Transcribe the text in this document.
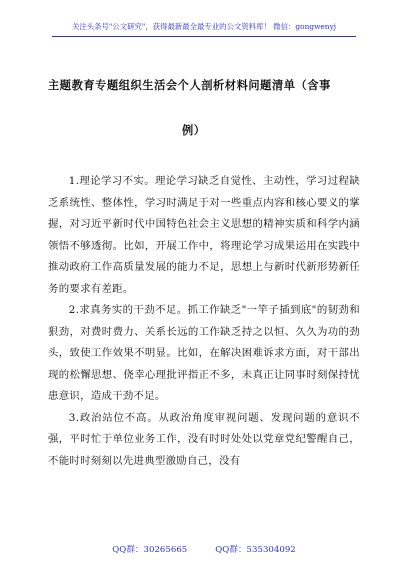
关注头条号"公文研究"，获得最新最全最专业的公文资料库！ 微信：gongwenyj
主题教育专题组织生活会个人剖析材料问题清单（含事
例）

1.理论学习不实。理论学习缺乏自觉性、主动性，学习过程缺乏系统性、整体性，学习时满足于对一些重点内容和核心要义的掌握，对习近平新时代中国特色社会主义思想的精神实质和科学内涵领悟不够透彻。比如，开展工作中，将理论学习成果运用在实践中推动政府工作高质量发展的能力不足，思想上与新时代新形势新任务的要求有差距。

2.求真务实的干劲不足。抓工作缺乏"一竿子插到底"的韧劲和狠劲，对费时费力、关系长远的工作缺乏持之以恒、久久为功的劲头，致使工作效果不明显。比如，在解决困难诉求方面，对干部出现的松懈思想、侥幸心理批评指正不多，未真正让同事时刻保持忧患意识，造成干劲不足。

3.政治站位不高。从政治角度审视问题、发现问题的意识不强，平时忙于单位业务工作，没有时时处处以党章党纪警醒自己，不能时时刻刻以先进典型激励自己，没有

QQ群：30265665	QQ群：535304092
